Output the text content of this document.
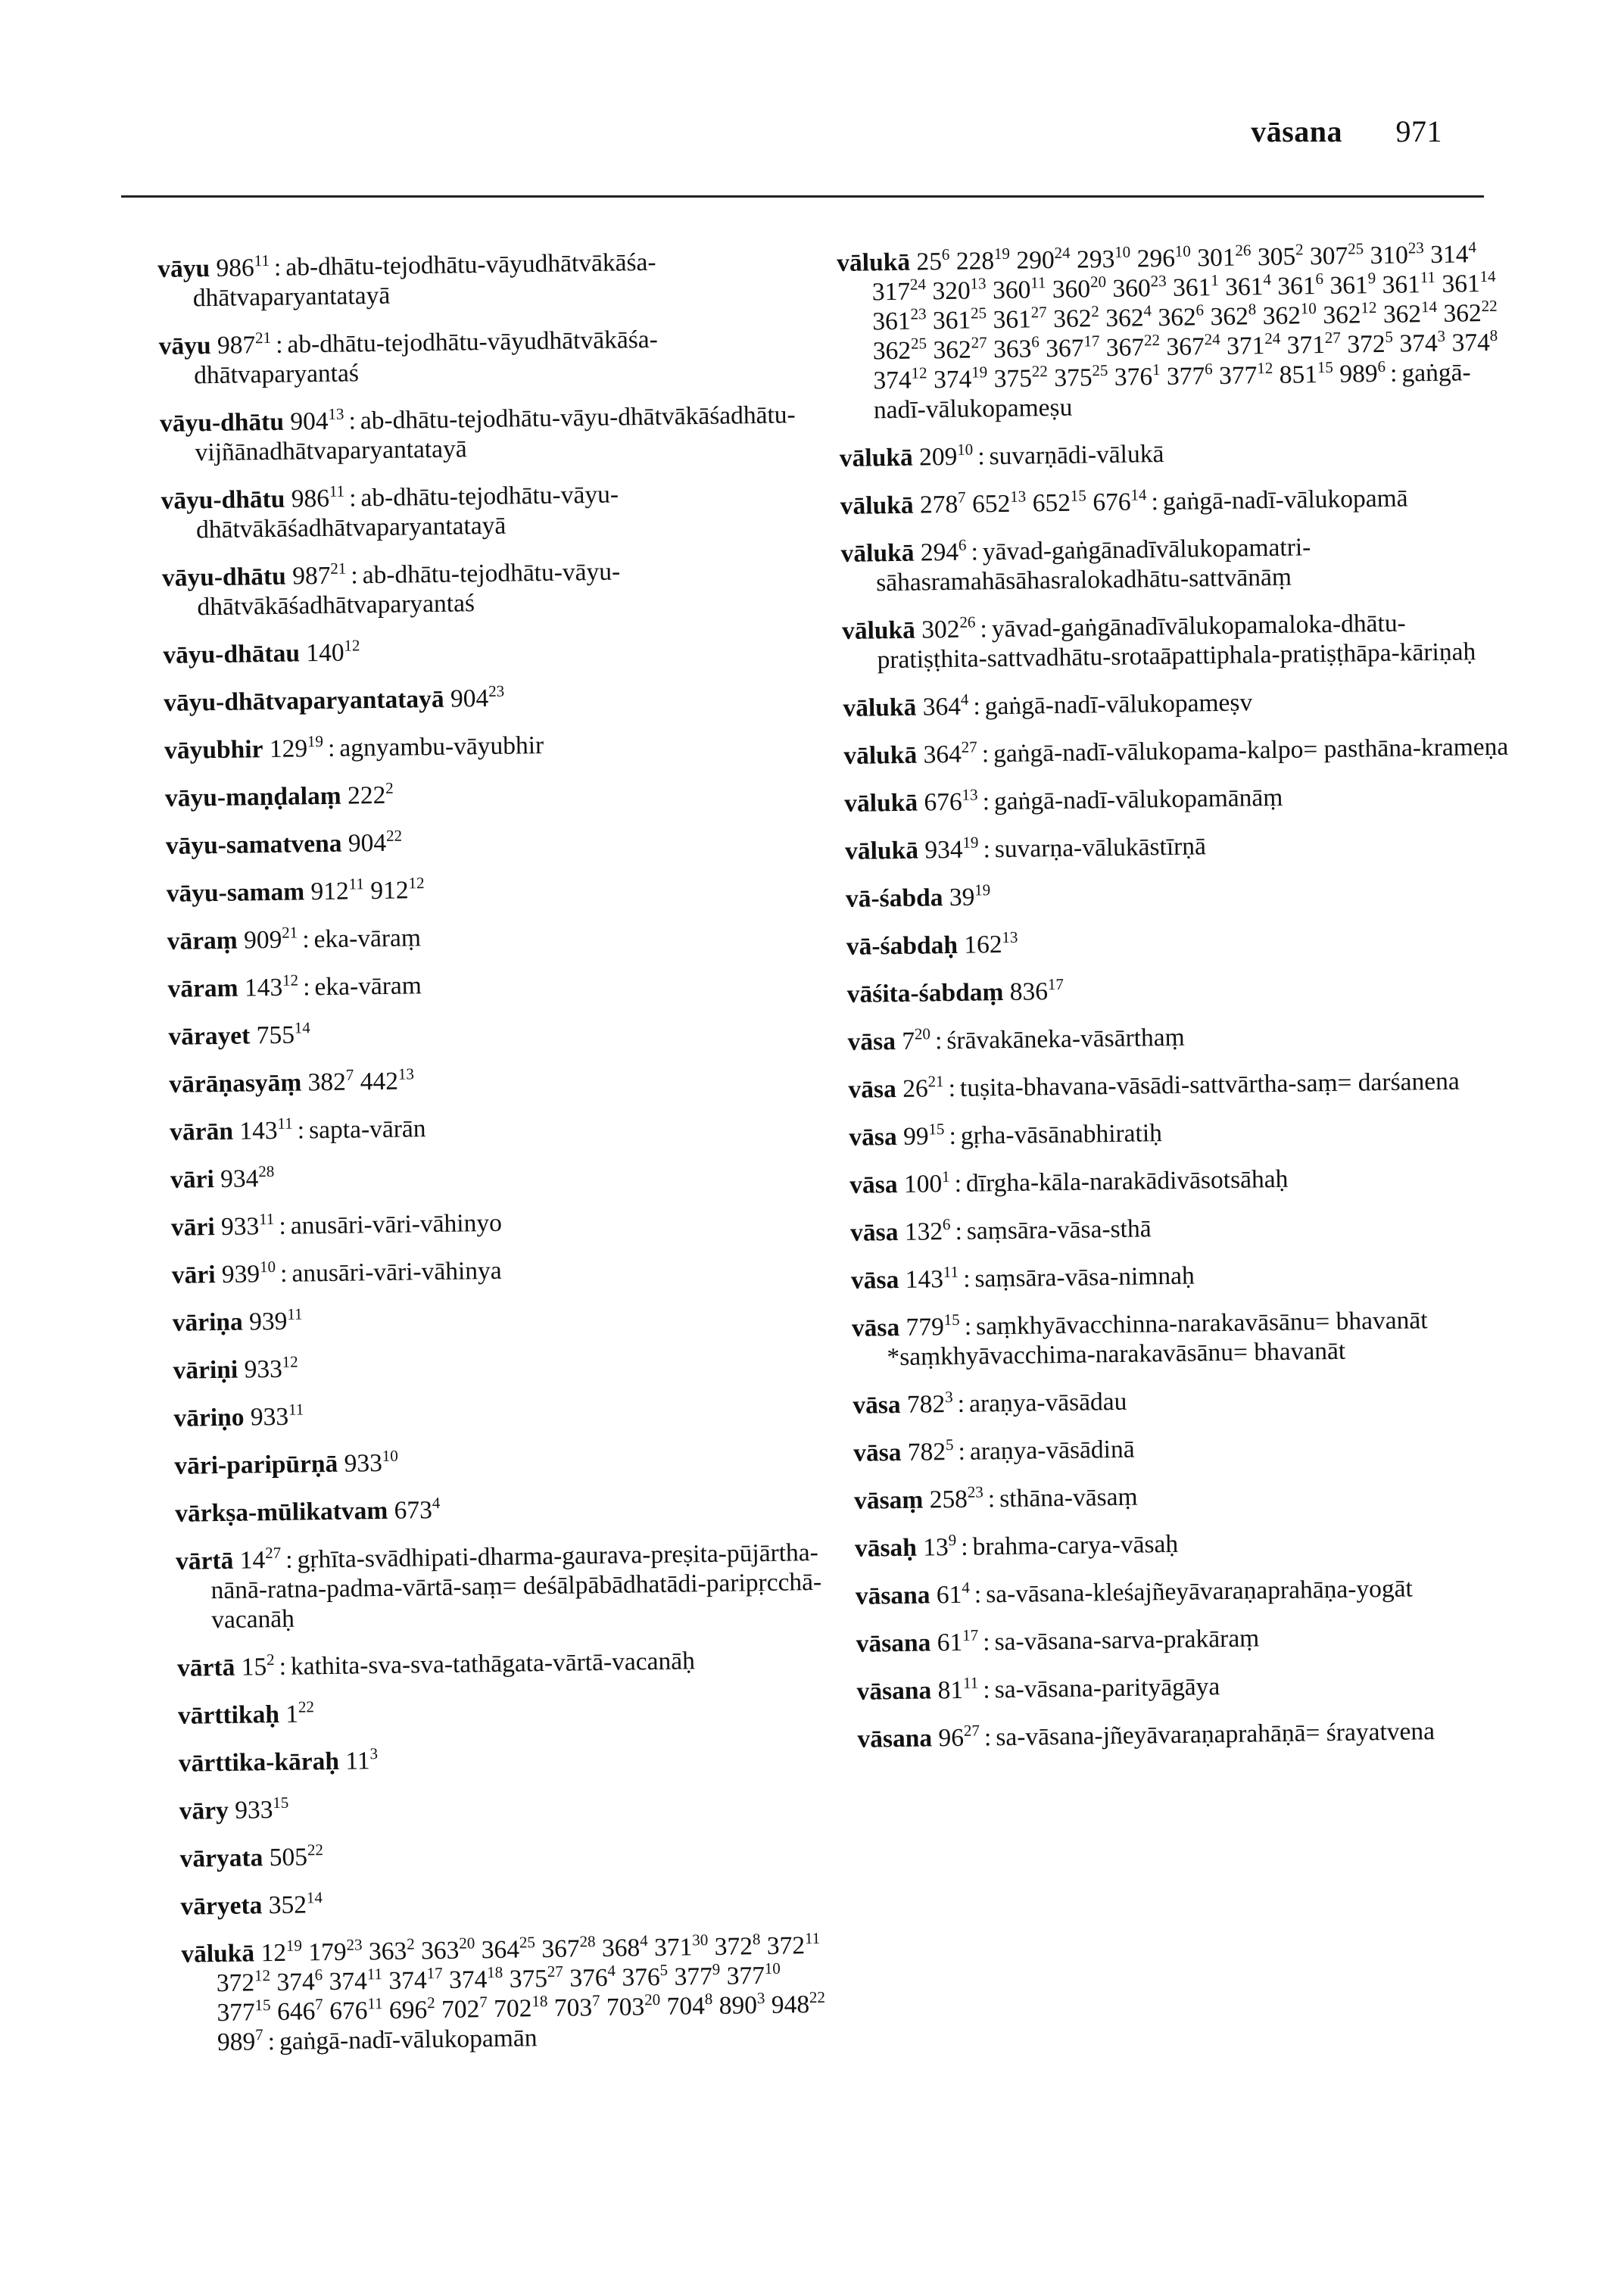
vāsana 971
vāyu $986^{11}$ : ab-dhātu-tejodhātu-vāyudhātvākāśa-dhātvaparyantatayā
vāyu $987^{21}$ : ab-dhātu-tejodhātu-vāyudhātvākāśa-dhātvaparyantaś
vāyu-dhātu $904^{13}$ : ab-dhātu-tejodhātu-vāyu-dhātvākāśadhātu-vijñānadhātvaparyantatayā
vāyu-dhātu $986^{11}$ : ab-dhātu-tejodhātu-vāyu-dhātvākāśadhātvaparyantatayā
vāyu-dhātu $987^{21}$ : ab-dhātu-tejodhātu-vāyu-dhātvākāśadhātvaparyantaś
vāyu-dhātau $140^{12}$
vāyu-dhātvaparyantatayā $904^{23}$
vāyubhir $129^{19}$ : agnyambu-vāyubhir
vāyu-maṇḍalaṃ $222^2$
vāyu-samatvena $904^{22}$
vāyu-samam $912^{11}$ $912^{12}$
vāraṃ $909^{21}$ : eka-vāraṃ
vāram $143^{12}$ : eka-vāram
vārayet $755^{14}$
vārāṇasyāṃ $382^7$ $442^{13}$
vārān $143^{11}$ : sapta-vārān
vāri $934^{28}$
vāri $933^{11}$ : anusāri-vāri-vāhinyo
vāri $939^{10}$ : anusāri-vāri-vāhinya
vāriṇa $939^{11}$
vāriṇi $933^{12}$
vāriṇo $933^{11}$
vāri-paripūrṇā $933^{10}$
vārkṣa-mūlikatvam $673^4$
vārtā $14^{27}$ : gṛhīta-svādhipati-dharma-gaurava-preṣita-pūjārtha-nānā-ratna-padma-vārtā-saṃ= deśālpābādhatādi-paripṛcchā-vacanāḥ
vārtā $15^2$ : kathita-sva-sva-tathāgata-vārtā-vacanāḥ
vārttikaḥ $1^{22}$
vārttika-kāraḥ $11^3$
vāry $933^{15}$
vāryata $505^{22}$
vāryeta $352^{14}$
vālukā $12^{19}$ $179^{23}$ $363^2$ $363^{20}$ $364^{25}$ $367^{28}$ $368^4$ $371^{30}$ $372^8$ $372^{11}$ $372^{12}$ $374^6$ $374^{11}$ $374^{17}$ $374^{18}$ $375^{27}$ $376^4$ $376^5$ $377^9$ $377^{10}$ $377^{15}$ $646^7$ $676^{11}$ $696^2$ $702^7$ $702^{18}$ $703^7$ $703^{20}$ $704^8$ $890^3$ $948^{22}$ $989^7$ : gaṅgā-nadī-vālukopamān
vālukā $25^6$ $228^{19}$ $290^{24}$ $293^{10}$ $296^{10}$ $301^{26}$ $305^2$ $307^{25}$ $310^{23}$ $314^4$ $317^{24}$ $320^{13}$ $360^{11}$ $360^{20}$ $360^{23}$ $361^1$ $361^4$ $361^6$ $361^9$ $361^{11}$ $361^{14}$ $361^{23}$ $361^{25}$ $361^{27}$ $362^2$ $362^4$ $362^6$ $362^8$ $362^{10}$ $362^{12}$ $362^{14}$ $362^{22}$ $362^{25}$ $362^{27}$ $363^6$ $367^{17}$ $367^{22}$ $367^{24}$ $371^{24}$ $371^{27}$ $372^5$ $374^3$ $374^8$ $374^{12}$ $374^{19}$ $375^{22}$ $375^{25}$ $376^1$ $377^6$ $377^{12}$ $851^{15}$ $989^6$ : gaṅgā-nadī-vālukopameṣu
vālukā $209^{10}$ : suvarṇādi-vālukā
vālukā $278^7$ $652^{13}$ $652^{15}$ $676^{14}$ : gaṅgā-nadī-vālukopamā
vālukā $294^6$ : yāvad-gaṅgānadīvālukopamatri-sāhasramahāsāhasralokadhātu-sattvānāṃ
vālukā $302^{26}$ : yāvad-gaṅgānadīvālukopamaloka-dhātu-pratiṣṭhita-sattvadhātu-srotaāpattiphala-pratiṣṭhāpa-kāriṇaḥ
vālukā $364^4$ : gaṅgā-nadī-vālukopameṣv
vālukā $364^{27}$ : gaṅgā-nadī-vālukopama-kalpo= pasthāna-krameṇa
vālukā $676^{13}$ : gaṅgā-nadī-vālukopamānāṃ
vālukā $934^{19}$ : suvarṇa-vālukāstīrṇā
vā-śabda $39^{19}$
vā-śabdaḥ $162^{13}$
vāśita-śabdaṃ $836^{17}$
vāsa $7^{20}$ : śrāvakāneka-vāsārthaṃ
vāsa $26^{21}$ : tuṣita-bhavana-vāsādi-sattvārtha-saṃ= darśanena
vāsa $99^{15}$ : gṛha-vāsānabhiratiḥ
vāsa $100^1$ : dīrgha-kāla-narakādivāsotsāhaḥ
vāsa $132^6$ : saṃsāra-vāsa-sthā
vāsa $143^{11}$ : saṃsāra-vāsa-nimnaḥ
vāsa $779^{15}$ : saṃkhyāvacchinna-narakavāsānu= bhavanāt *saṃkhyāvacchima-narakavāsānu= bhavanāt
vāsa $782^3$ : araṇya-vāsādau
vāsa $782^5$ : araṇya-vāsādinā
vāsaṃ $258^{23}$ : sthāna-vāsaṃ
vāsaḥ $13^9$ : brahma-carya-vāsaḥ
vāsana $61^4$ : sa-vāsana-kleśajñeyāvaraṇaprahāṇa-yogāt
vāsana $61^{17}$ : sa-vāsana-sarva-prakāraṃ
vāsana $81^{11}$ : sa-vāsana-parityāgāya
vāsana $96^{27}$ : sa-vāsana-jñeyāvaraṇaprahāṇā= śrayatvena
